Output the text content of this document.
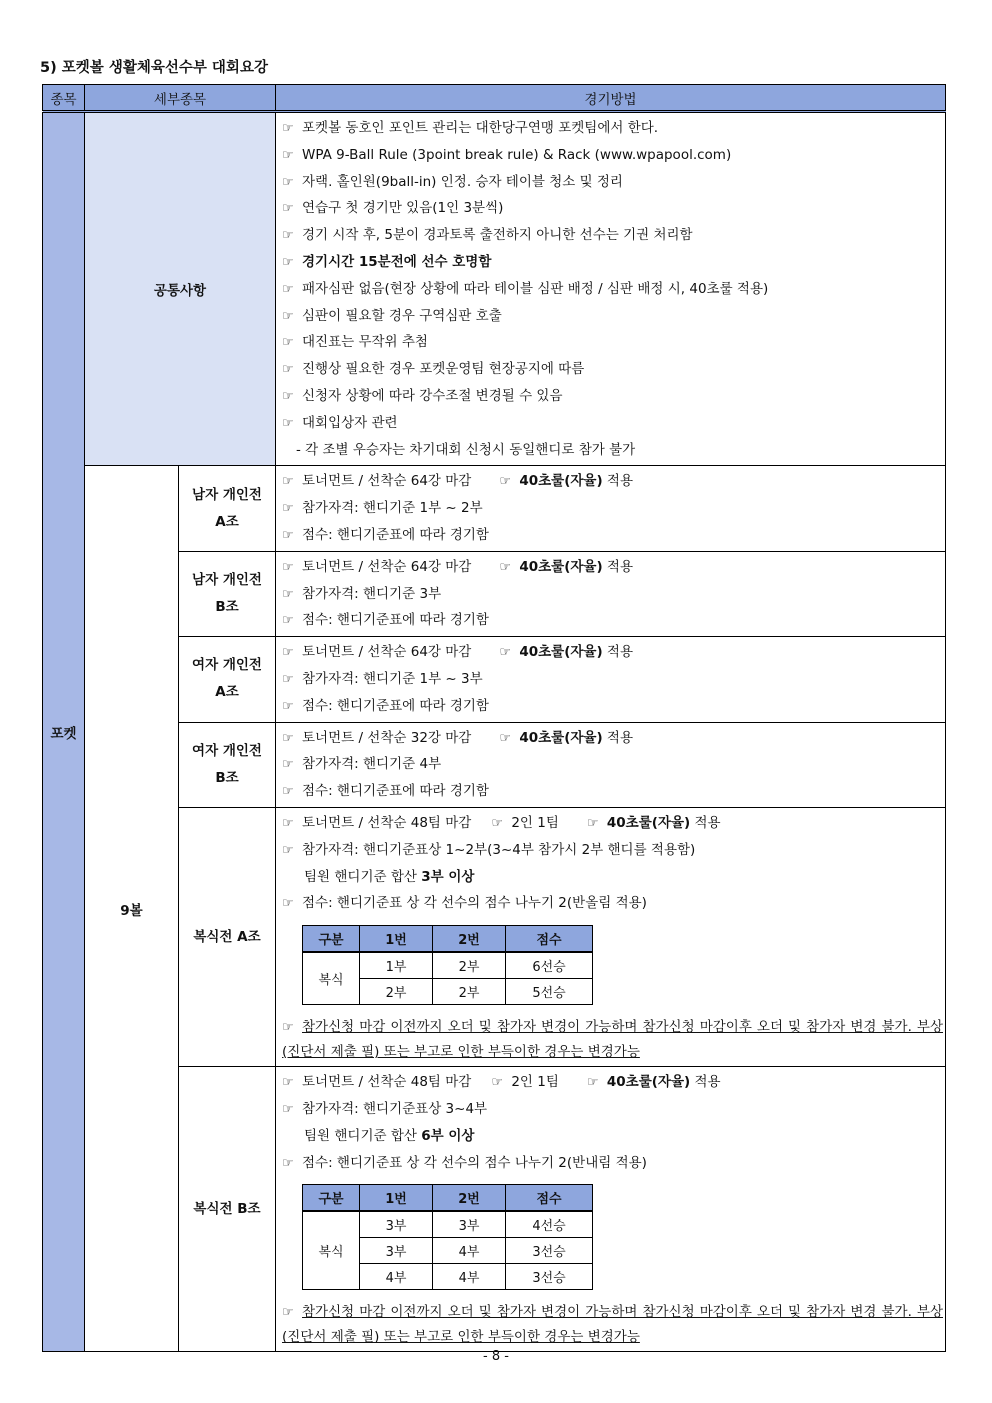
5) 포켓볼 생활체육선수부 대회요강
종목	세부종목	경기방법
포켓	공통사항	
☞ 포켓볼 동호인 포인트 관리는 대한당구연맹 포켓팀에서 한다.
☞ WPA 9-Ball Rule (3point break rule) & Rack (www.wpapool.com)
☞ 자랙. 홀인원(9ball-in) 인정. 승자 테이블 청소 및 정리
☞ 연습구 첫 경기만 있음(1인 3분씩)
☞ 경기 시작 후, 5분이 경과토록 출전하지 아니한 선수는 기권 처리함
☞ 경기시간 15분전에 선수 호명함
☞ 패자심판 없음(현장 상황에 따라 테이블 심판 배정 / 심판 배정 시, 40초룰 적용)
☞ 심판이 필요할 경우 구역심판 호출
☞ 대진표는 무작위 추첨
☞ 진행상 필요한 경우 포켓운영팀 현장공지에 따름
☞ 신청자 상황에 따라 강수조절 변경될 수 있음
☞ 대회입상자 관련
- 각 조별 우승자는 차기대회 신청시 동일핸디로 참가 불가

9볼	남자 개인전
A조	
☞ 토너먼트 / 선착순 64강 마감 ☞ 40초룰(자율) 적용
☞ 참가자격: 핸디기준 1부 ~ 2부
☞ 점수: 핸디기준표에 따라 경기함

남자 개인전
B조	
☞ 토너먼트 / 선착순 64강 마감 ☞ 40초룰(자율) 적용
☞ 참가자격: 핸디기준 3부
☞ 점수: 핸디기준표에 따라 경기함

여자 개인전
A조	
☞ 토너먼트 / 선착순 64강 마감 ☞ 40초룰(자율) 적용
☞ 참가자격: 핸디기준 1부 ~ 3부
☞ 점수: 핸디기준표에 따라 경기함

여자 개인전
B조	
☞ 토너먼트 / 선착순 32강 마감 ☞ 40초룰(자율) 적용
☞ 참가자격: 핸디기준 4부
☞ 점수: 핸디기준표에 따라 경기함

복식전 A조	
☞ 토너먼트 / 선착순 48팀 마감 ☞ 2인 1팀 ☞ 40초룰(자율) 적용
☞ 참가자격: 핸디기준표상 1~2부(3~4부 참가시 2부 핸디를 적용함)
팀원 핸디기준 합산 3부 이상
☞ 점수: 핸디기준표 상 각 선수의 점수 나누기 2(반올림 적용)
구분	1번	2번	점수
복식	1부	2부	6선승
2부	2부	5선승
☞ 참가신청 마감 이전까지 오더 및 참가자 변경이 가능하며 참가신청 마감이후 오더 및 참가자 변경 불가. 부상(진단서 제출 필) 또는 부고로 인한 부득이한 경우는 변경가능

복식전 B조	
☞ 토너먼트 / 선착순 48팀 마감 ☞ 2인 1팀 ☞ 40초룰(자율) 적용
☞ 참가자격: 핸디기준표상 3~4부
팀원 핸디기준 합산 6부 이상
☞ 점수: 핸디기준표 상 각 선수의 점수 나누기 2(반내림 적용)
구분	1번	2번	점수
복식	3부	3부	4선승
3부	4부	3선승
4부	4부	3선승
☞ 참가신청 마감 이전까지 오더 및 참가자 변경이 가능하며 참가신청 마감이후 오더 및 참가자 변경 불가. 부상(진단서 제출 필) 또는 부고로 인한 부득이한 경우는 변경가능
- 8 -
